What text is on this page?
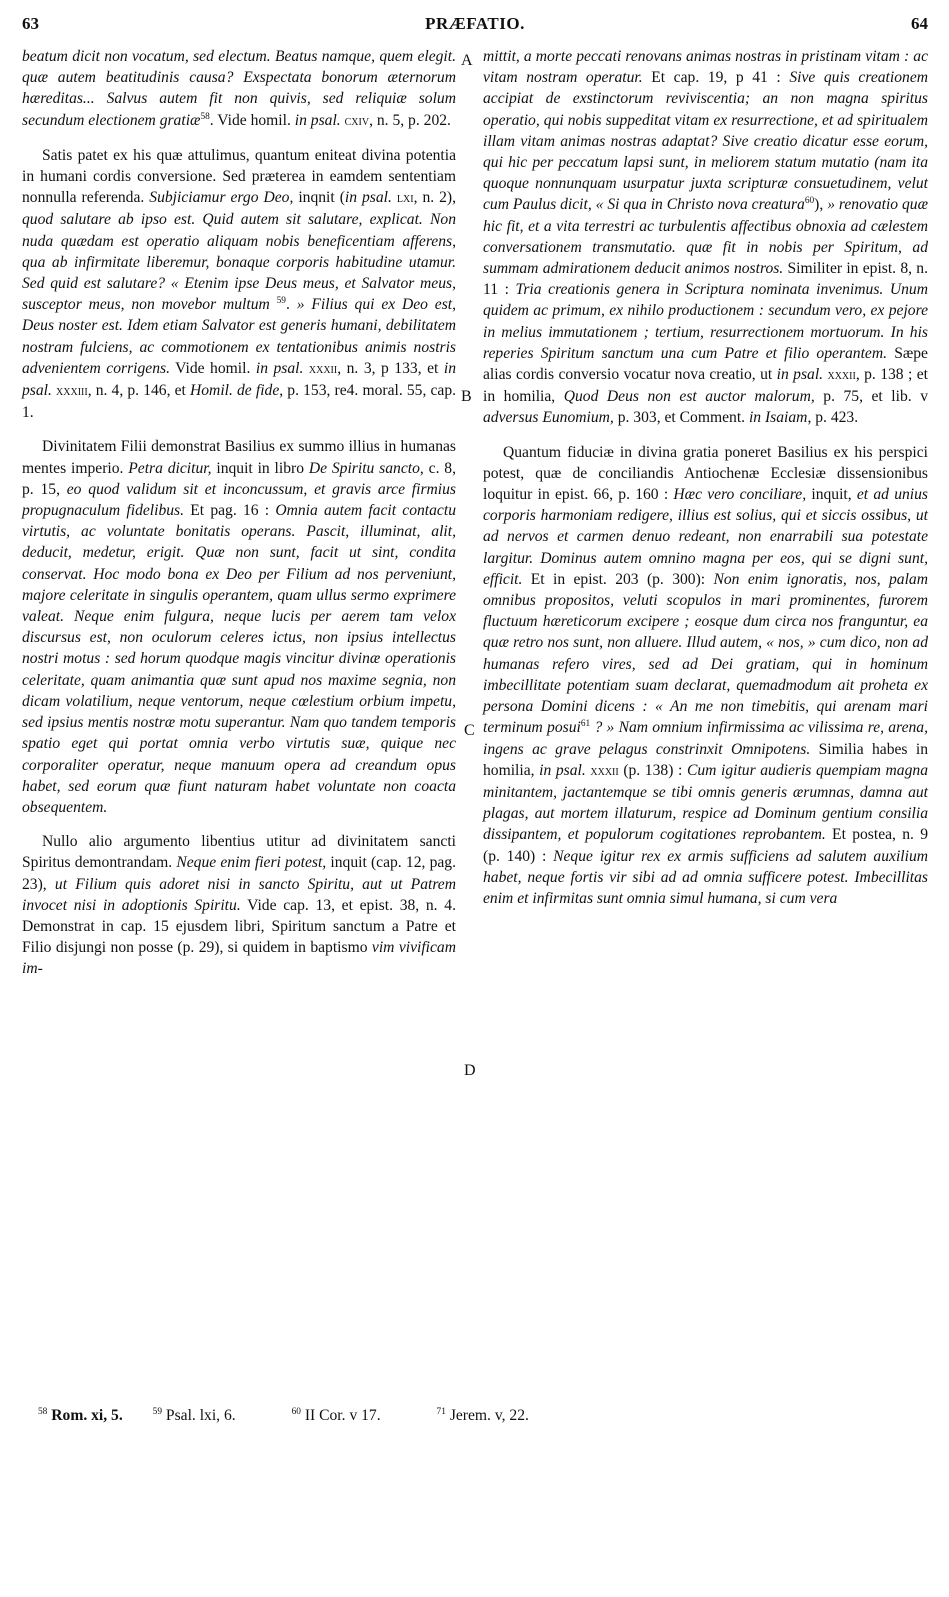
63	PRÆFATIO.	64

beatum dicit non vocatum, sed electum. Beatus namque, quem elegit. quæ autem beatitudinis causa? Exspectata bonorum æternorum hæreditas... Salvus autem fit non quivis, sed reliquiæ solum secundum electionem gratiæ$^{58}$. Vide homil. in psal. cxiv, n. 5, p. 202.

Satis patet ex his quæ attulimus, quantum eniteat divina potentia in humani cordis conversione. Sed præterea in eamdem sententiam nonnulla referenda. Subjiciamur ergo Deo, inqnit (in psal. lxi, n. 2), quod salutare ab ipso est. Quid autem sit salutare, explicat. Non nuda quædam est operatio aliquam nobis beneficentiam afferens, qua ab infirmitate liberemur, bonaque corporis habitudine utamur. Sed quid est salutare? « Etenim ipse Deus meus, et Salvator meus, susceptor meus, non movebor multum $^{59}$. » Filius qui ex Deo est, Deus noster est. Idem etiam Salvator est generis humani, debilitatem nostram fulciens, ac commotionem ex tentationibus animis nostris advenientem corrigens. Vide homil. in psal. xxxii, n. 3, p 133, et in psal. xxxiii, n. 4, p. 146, et Homil. de fide, p. 153, re4. moral. 55, cap. 1.

Divinitatem Filii demonstrat Basilius ex summo illius in humanas mentes imperio. Petra dicitur, inquit in libro De Spiritu sancto, c. 8, p. 15, eo quod validum sit et inconcussum, et gravis arce firmius propugnaculum fidelibus. Et pag. 16 : Omnia autem facit contactu virtutis, ac voluntate bonitatis operans. Pascit, illuminat, alit, deducit, medetur, erigit. Quæ non sunt, facit ut sint, condita conservat. Hoc modo bona ex Deo per Filium ad nos perveniunt, majore celeritate in singulis operantem, quam ullus sermo exprimere valeat. Neque enim fulgura, neque lucis per aerem tam velox discursus est, non oculorum celeres ictus, non ipsius intellectus nostri motus : sed horum quodque magis vincitur divinæ operationis celeritate, quam animantia quæ sunt apud nos maxime segnia, non dicam volatilium, neque ventorum, neque cœlestium orbium impetu, sed ipsius mentis nostræ motu superantur. Nam quo tandem temporis spatio eget qui portat omnia verbo virtutis suæ, quique nec corporaliter operatur, neque manuum opera ad creandum opus habet, sed eorum quæ fiunt naturam habet voluntate non coacta obsequentem.

Nullo alio argumento libentius utitur ad divinitatem sancti Spiritus demontrandam. Neque enim fieri potest, inquit (cap. 12, pag. 23), ut Filium quis adoret nisi in sancto Spiritu, aut ut Patrem invocet nisi in adoptionis Spiritu. Vide cap. 13, et epist. 38, n. 4. Demonstrat in cap. 15 ejusdem libri, Spiritum sanctum a Patre et Filio disjungi non posse (p. 29), si quidem in baptismo vim vivificam im-

mittit, a morte peccati renovans animas nostras in pristinam vitam : ac vitam nostram operatur. Et cap. 19, p 41 : Sive quis creationem accipiat de exstinctorum reviviscentia; an non magna spiritus operatio, qui nobis suppeditat vitam ex resurrectione, et ad spiritualem illam vitam animas nostras adaptat? Sive creatio dicatur esse eorum, qui hic per peccatum lapsi sunt, in meliorem statum mutatio (nam ita quoque nonnunquam usurpatur juxta scripturæ consuetudinem, velut cum Paulus dicit, « Si qua in Christo nova creatura$^{60}$), » renovatio quæ hic fit, et a vita terrestri ac turbulentis affectibus obnoxia ad cælestem conversationem transmutatio. quæ fit in nobis per Spiritum, ad summam admirationem deducit animos nostros. Similiter in epist. 8, n. 11 : Tria creationis genera in Scriptura nominata invenimus. Unum quidem ac primum, ex nihilo productionem : secundum vero, ex pejore in melius immutationem ; tertium, resurrectionem mortuorum. In his reperies Spiritum sanctum una cum Patre et filio operantem. Sæpe alias cordis conversio vocatur nova creatio, ut in psal. xxxii, p. 138 ; et in homilia, Quod Deus non est auctor malorum, p. 75, et lib. v adversus Eunomium, p. 303, et Comment. in Isaiam, p. 423.

Quantum fiduciæ in divina gratia poneret Basilius ex his perspici potest, quæ de conciliandis Antiochenæ Ecclesiæ dissensionibus loquitur in epist. 66, p. 160 : Hæc vero conciliare, inquit, et ad unius corporis harmoniam redigere, illius est solius, qui et siccis ossibus, ut ad nervos et carmen denuo redeant, non enarrabili sua potestate largitur. Dominus autem omnino magna per eos, qui se digni sunt, efficit. Et in epist. 203 (p. 300): Non enim ignoratis, nos, palam omnibus propositos, veluti scopulos in mari prominentes, furorem fluctuum hæreticorum excipere ; eosque dum circa nos franguntur, ea quæ retro nos sunt, non alluere. Illud autem, « nos, » cum dico, non ad humanas refero vires, sed ad Dei gratiam, qui in hominum imbecillitate potentiam suam declarat, quemadmodum ait proheta ex persona Domini dicens : « An me non timebitis, qui arenam mari terminum posui$^{61}$ ? » Nam omnium infirmissima ac vilissima re, arena, ingens ac grave pelagus constrinxit Omnipotens. Similia habes in homilia, in psal. xxxii (p. 138) : Cum igitur audieris quempiam magna minitantem, jactantemque se tibi omnis generis ærumnas, damna aut plagas, aut mortem illaturum, respice ad Dominum gentium consilia dissipantem, et populorum cogitationes reprobantem. Et postea, n. 9 (p. 140) : Neque igitur rex ex armis sufficiens ad salutem auxilium habet, neque fortis vir sibi ad ad omnia sufficere potest. Imbecillitas enim et infirmitas sunt omnia simul humana, si cum vera

A
B
C
D
$^{58}$ Rom. xi, 5.	$^{59}$ Psal. lxi, 6.	$^{60}$ II Cor. v 17.	$^{71}$ Jerem. v, 22.
